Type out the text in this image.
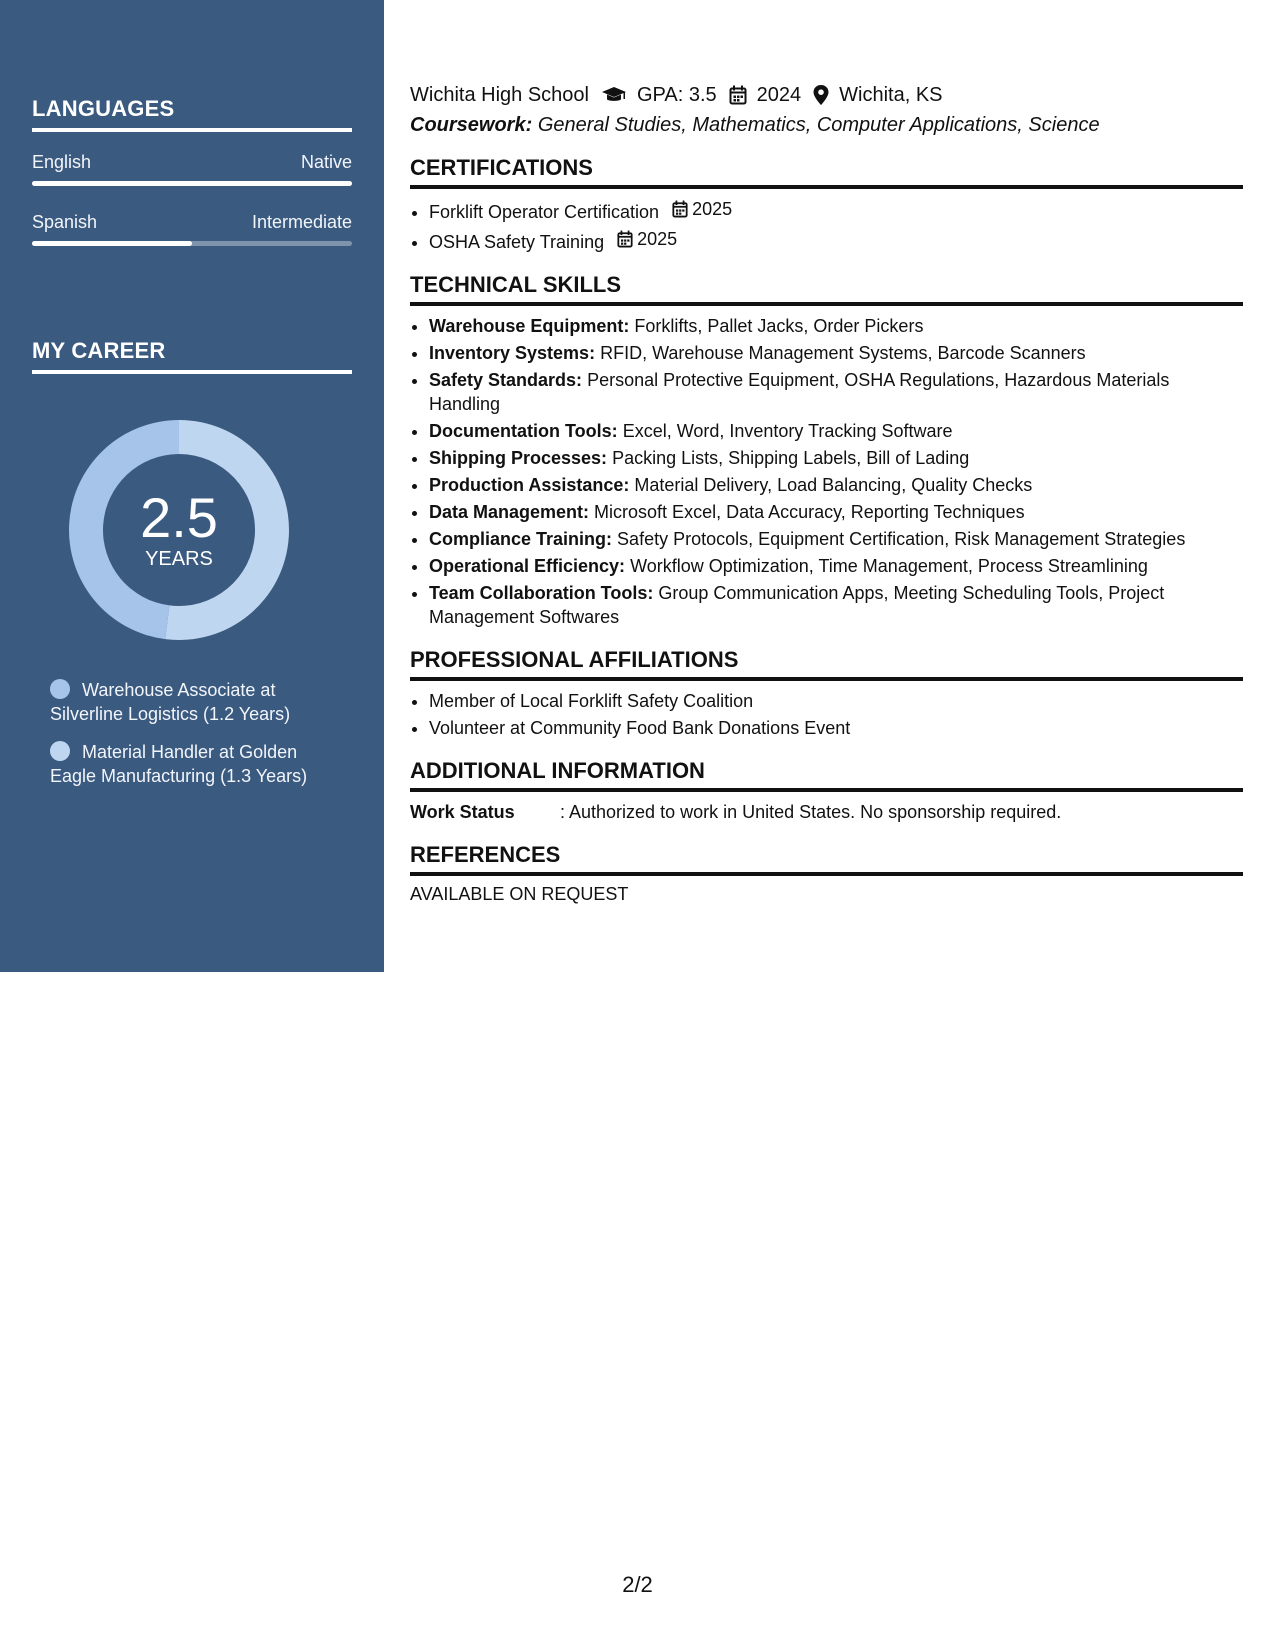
LANGUAGES
English	Native
Spanish	Intermediate
MY CAREER
2.5
YEARS
Warehouse Associate at Silverline Logistics (1.2 Years)
Material Handler at Golden Eagle Manufacturing (1.3 Years)
Wichita High School GPA: 3.5 2024 Wichita, KS
Coursework: General Studies, Mathematics, Computer Applications, Science
CERTIFICATIONS
• Forklift Operator Certification 2025
• OSHA Safety Training 2025
TECHNICAL SKILLS
• Warehouse Equipment: Forklifts, Pallet Jacks, Order Pickers
• Inventory Systems: RFID, Warehouse Management Systems, Barcode Scanners
• Safety Standards: Personal Protective Equipment, OSHA Regulations, Hazardous Materials Handling
• Documentation Tools: Excel, Word, Inventory Tracking Software
• Shipping Processes: Packing Lists, Shipping Labels, Bill of Lading
• Production Assistance: Material Delivery, Load Balancing, Quality Checks
• Data Management: Microsoft Excel, Data Accuracy, Reporting Techniques
• Compliance Training: Safety Protocols, Equipment Certification, Risk Management Strategies
• Operational Efficiency: Workflow Optimization, Time Management, Process Streamlining
• Team Collaboration Tools: Group Communication Apps, Meeting Scheduling Tools, Project Management Softwares
PROFESSIONAL AFFILIATIONS
• Member of Local Forklift Safety Coalition
• Volunteer at Community Food Bank Donations Event
ADDITIONAL INFORMATION
Work Status	: Authorized to work in United States. No sponsorship required.
REFERENCES
AVAILABLE ON REQUEST
2/2
